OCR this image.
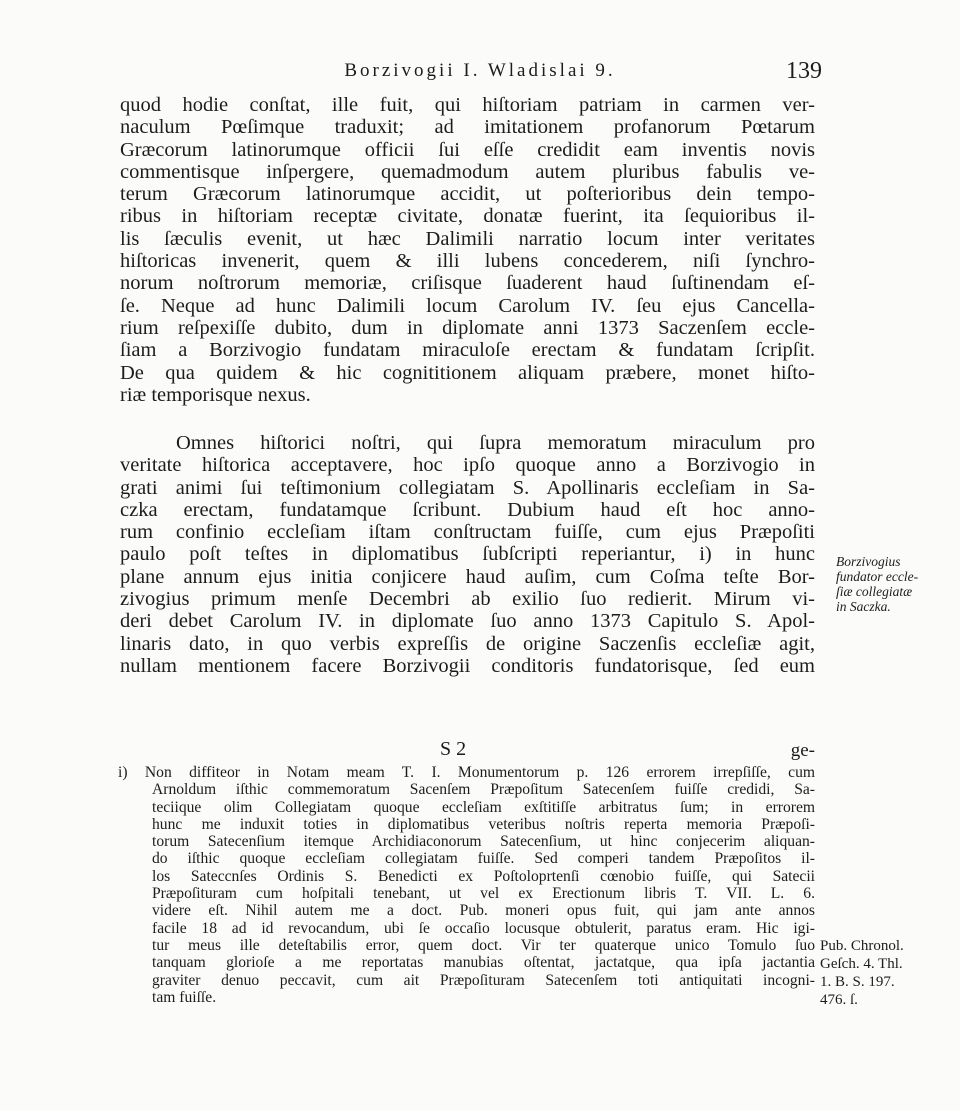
Borzivogii I. Wladislai 9.	139
quod hodie conſtat, ille fuit, qui hiſtoriam patriam in carmen ver-
naculum Pœſimque traduxit; ad imitationem profanorum Pœtarum
Græcorum latinorumque officii ſui eſſe credidit eam inventis novis
commentisque inſpergere, quemadmodum autem pluribus fabulis ve-
terum Græcorum latinorumque accidit, ut poſterioribus dein tempo-
ribus in hiſtoriam receptæ civitate, donatæ fuerint, ita ſequioribus il-
lis ſæculis evenit, ut hæc Dalimili narratio locum inter veritates
hiſtoricas invenerit, quem & illi lubens concederem, niſi ſynchro-
norum noſtrorum memoriæ, criſisque ſuaderent haud ſuſtinendam eſ-
ſe. Neque ad hunc Dalimili locum Carolum IV. ſeu ejus Cancella-
rium reſpexiſſe dubito, dum in diplomate anni 1373 Saczenſem eccle-
ſiam a Borzivogio fundatam miraculoſe erectam & fundatam ſcripſit.
De qua quidem & hic cognititionem aliquam præbere, monet hiſto-
riæ temporisque nexus.
Omnes hiſtorici noſtri, qui ſupra memoratum miraculum pro
veritate hiſtorica acceptavere, hoc ipſo quoque anno a Borzivogio in
grati animi ſui teſtimonium collegiatam S. Apollinaris eccleſiam in Sa-
czka erectam, fundatamque ſcribunt. Dubium haud eſt hoc anno-
rum confinio eccleſiam iſtam conſtructam fuiſſe, cum ejus Præpoſiti
paulo poſt teſtes in diplomatibus ſubſcripti reperiantur, i) in hunc
plane annum ejus initia conjicere haud auſim, cum Coſma teſte Bor-
zivogius primum menſe Decembri ab exilio ſuo redierit. Mirum vi-
deri debet Carolum IV. in diplomate ſuo anno 1373 Capitulo S. Apol-
linaris dato, in quo verbis expreſſis de origine Saczenſis eccleſiæ agit,
nullam mentionem facere Borzivogii conditoris fundatorisque, ſed eum
S 2	ge-
i) Non diffiteor in Notam meam T. I. Monumentorum p. 126 errorem irrepſiſſe, cum
Arnoldum iſthic commemoratum Sacenſem Præpoſitum Satecenſem fuiſſe credidi, Sa-
teciique olim Collegiatam quoque eccleſiam exſtitiſſe arbitratus ſum; in errorem
hunc me induxit toties in diplomatibus veteribus noſtris reperta memoria Præpoſi-
torum Satecenſium itemque Archidiaconorum Satecenſium, ut hinc conjecerim aliquan-
do iſthic quoque eccleſiam collegiatam fuiſſe. Sed comperi tandem Præpoſitos il-
los Sateccnſes Ordinis S. Benedicti ex Poſtoloprtenſi cœnobio fuiſſe, qui Satecii
Præpoſituram cum hoſpitali tenebant, ut vel ex Erectionum libris T. VII. L. 6.
videre eſt. Nihil autem me a doct. Pub. moneri opus fuit, qui jam ante annos
facile 18 ad id revocandum, ubi ſe occaſio locusque obtulerit, paratus eram. Hic igi-
tur meus ille deteſtabilis error, quem doct. Vir ter quaterque unico Tomulo ſuo
tanquam glorioſe a me reportatas manubias oſtentat, jactatque, qua ipſa jactantia
graviter denuo peccavit, cum ait Præpoſituram Satecenſem toti antiquitati incogni-
tam fuiſſe.
Borzivogius
fundator eccle-
ſiæ collegiatæ
in Saczka.
Pub. Chronol.
Geſch. 4. Thl.
1. B. S. 197.
476. ſ.
